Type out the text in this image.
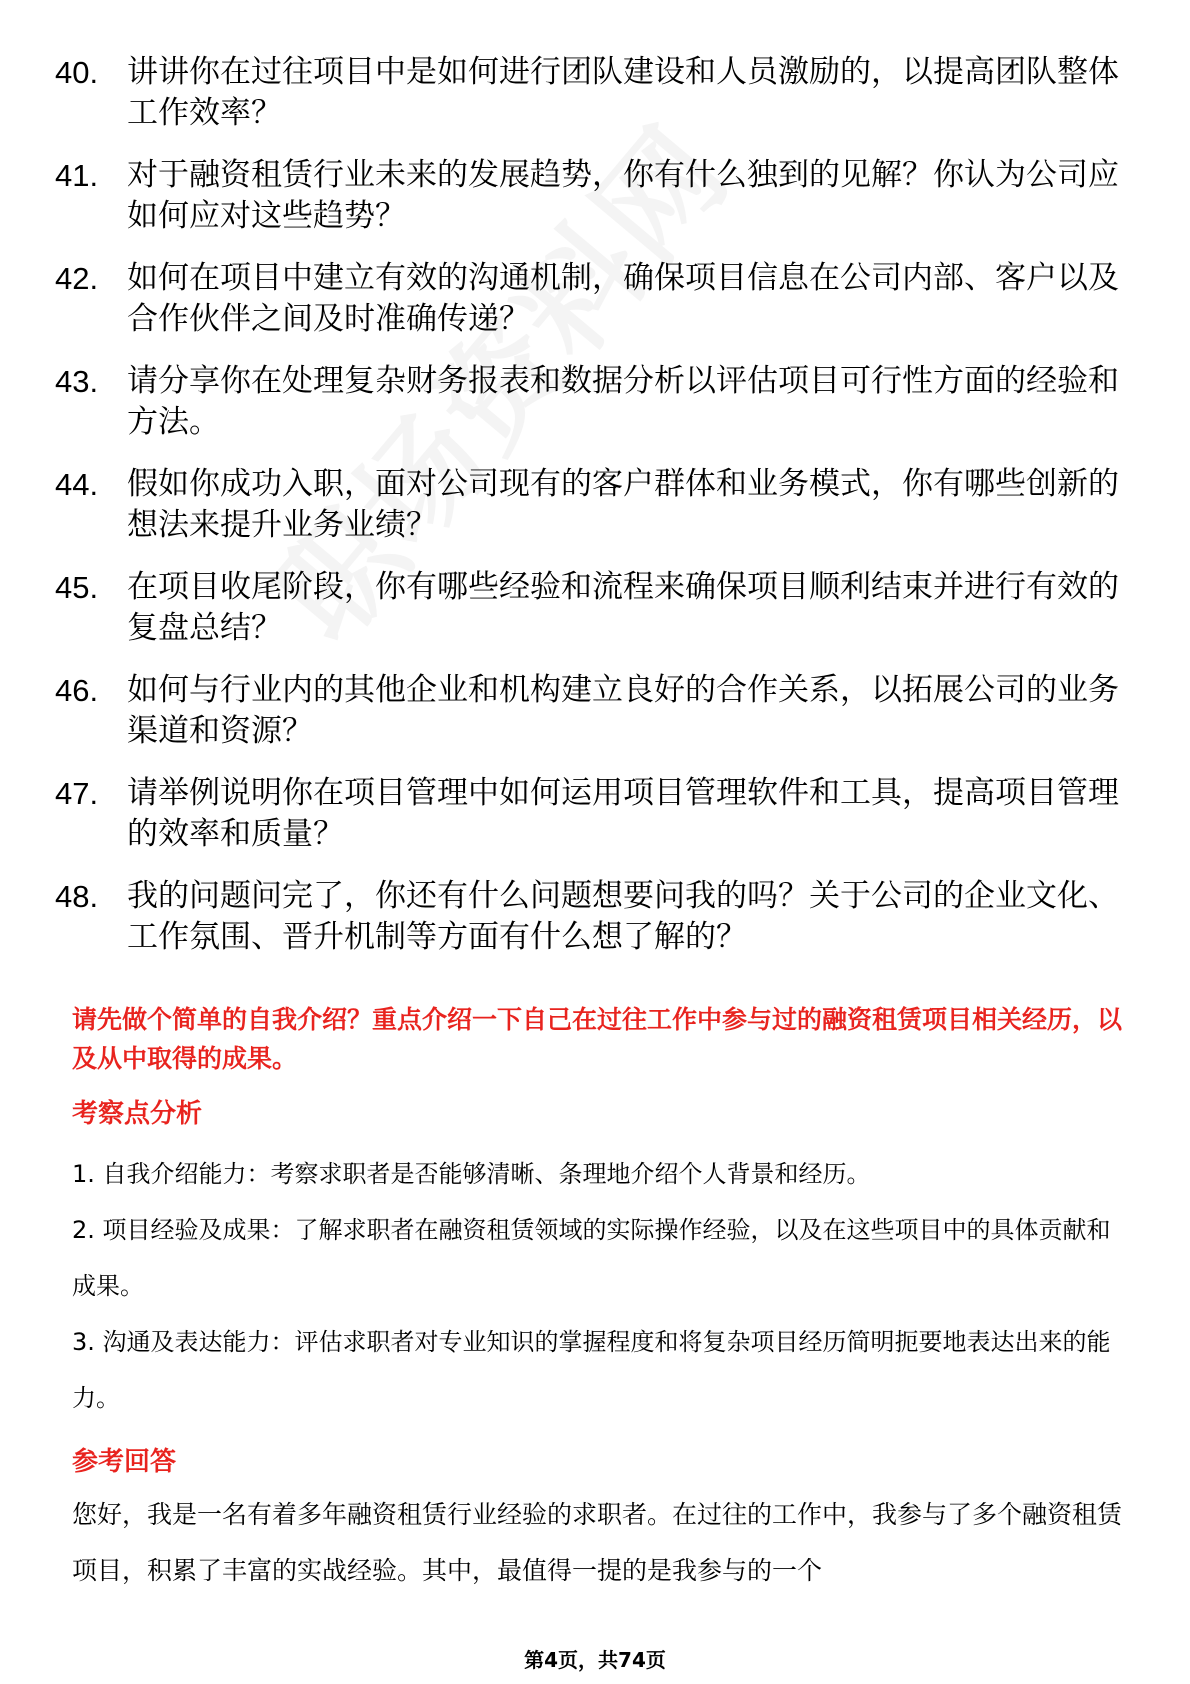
40. 讲讲你在过往项目中是如何进行团队建设和人员激励的，以提高团队整体工作效率？
41. 对于融资租赁行业未来的发展趋势，你有什么独到的见解？你认为公司应如何应对这些趋势？
42. 如何在项目中建立有效的沟通机制，确保项目信息在公司内部、客户以及合作伙伴之间及时准确传递？
43. 请分享你在处理复杂财务报表和数据分析以评估项目可行性方面的经验和方法。
44. 假如你成功入职，面对公司现有的客户群体和业务模式，你有哪些创新的想法来提升业务业绩？
45. 在项目收尾阶段，你有哪些经验和流程来确保项目顺利结束并进行有效的复盘总结？
46. 如何与行业内的其他企业和机构建立良好的合作关系，以拓展公司的业务渠道和资源？
47. 请举例说明你在项目管理中如何运用项目管理软件和工具，提高项目管理的效率和质量？
48. 我的问题问完了，你还有什么问题想要问我的吗？关于公司的企业文化、工作氛围、晋升机制等方面有什么想了解的？
请先做个简单的自我介绍？重点介绍一下自己在过往工作中参与过的融资租赁项目相关经历，以及从中取得的成果。
考察点分析

1. 自我介绍能力：考察求职者是否能够清晰、条理地介绍个人背景和经历。

2. 项目经验及成果：了解求职者在融资租赁领域的实际操作经验，以及在这些项目中的具体贡献和成果。

3. 沟通及表达能力：评估求职者对专业知识的掌握程度和将复杂项目经历简明扼要地表达出来的能力。

参考回答

您好，我是一名有着多年融资租赁行业经验的求职者。在过往的工作中，我参与了多个融资租赁项目，积累了丰富的实战经验。其中，最值得一提的是我参与的一个

第4页，共74页
